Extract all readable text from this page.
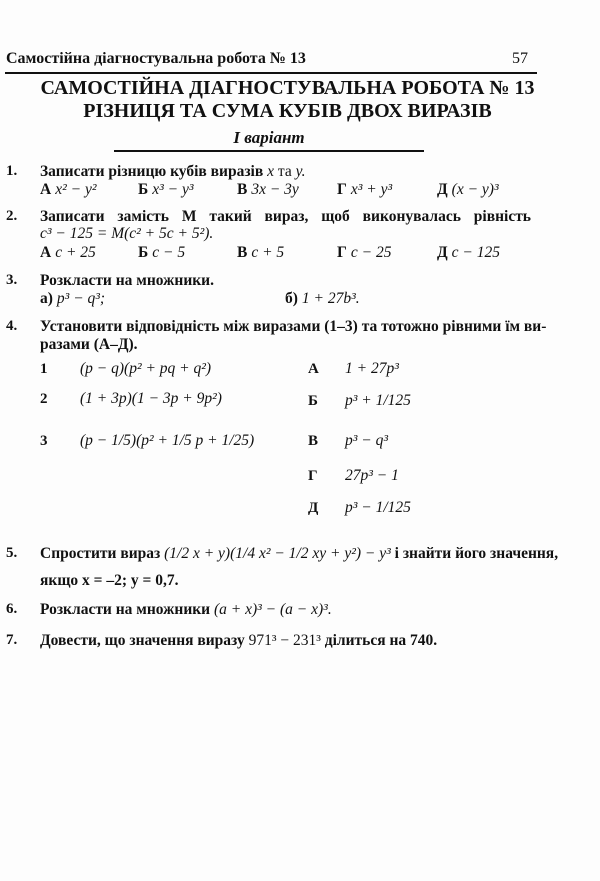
Самостійна діагностувальна робота № 13	57
САМОСТІЙНА ДІАГНОСТУВАЛЬНА РОБОТА № 13
РІЗНИЦЯ ТА СУМА КУБІВ ДВОХ ВИРАЗІВ
I варіант
1. Записати різницю кубів виразів x та y.
А x² − y²	Б x³ − y³	В 3x − 3y Г x³ + y³	Д (x − y)³
2. Записати замість M такий вираз, щоб виконувалась рівність
c³ − 125 = M(c² + 5c + 5²).
А c + 25	Б c − 5	В c + 5	Г c − 25	Д c − 125
3. Розкласти на множники.
а) p³ − q³;	б) 1 + 27b³.
4. Установити відповідність між виразами (1–3) та тотожно рівними їм ви-
разами (А–Д).
1 (p − q)(p² + pq + q²)
2 (1 + 3p)(1 − 3p + 9p²)
3 (p − 1/5)(p² + 1/5 p + 1/25)
А 1 + 27p³
Б p³ + 1/125
В p³ − q³
Г 27p³ − 1
Д p³ − 1/125
5. Спростити вираз (1/2 x + y)(1/4 x² − 1/2 xy + y²) − y³ і знайти його значення,
якщо x = –2; y = 0,7.
6. Розкласти на множники (a + x)³ − (a − x)³.
7. Довести, що значення виразу 971³ − 231³ ділиться на 740.
